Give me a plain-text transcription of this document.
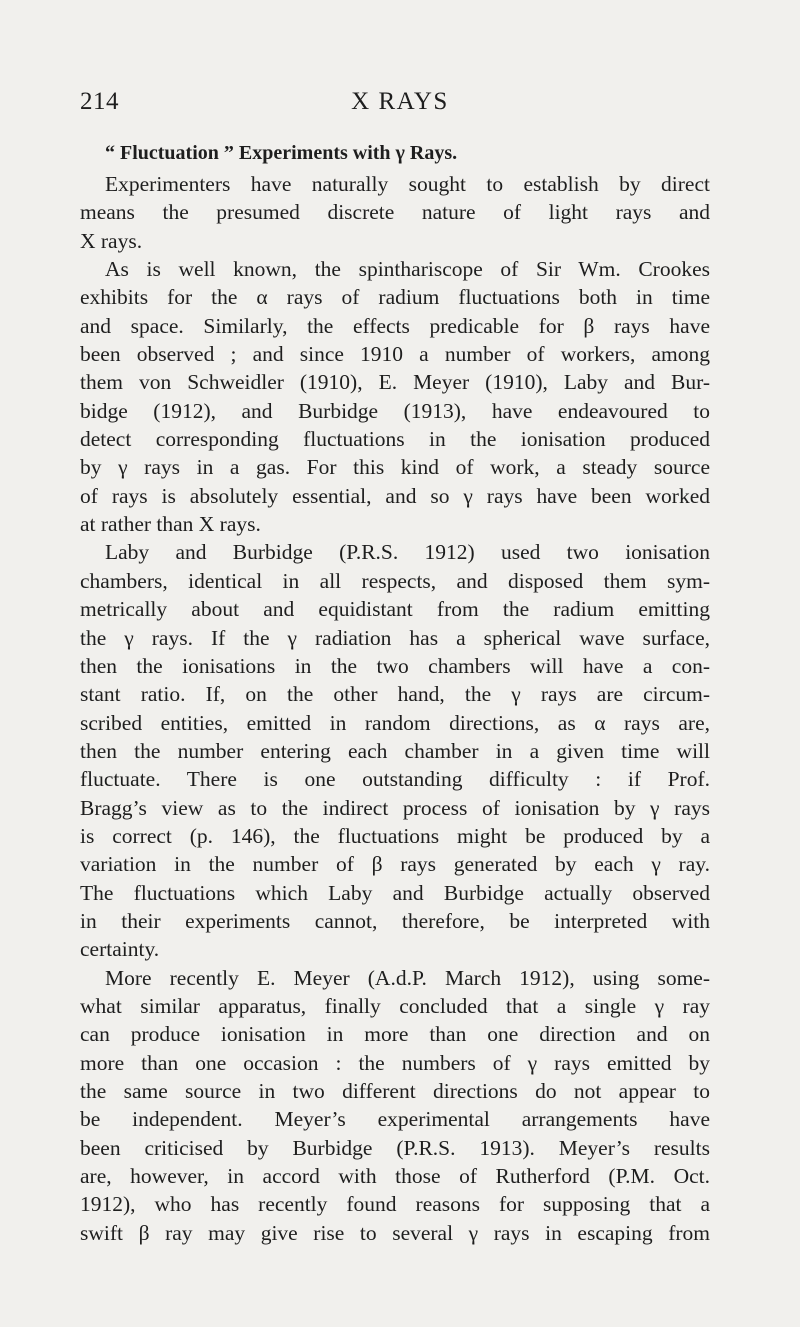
214	X RAYS
“ Fluctuation ” Experiments with γ Rays.
Experimenters have naturally sought to establish by direct
means the presumed discrete nature of light rays and
X rays.
As is well known, the spinthariscope of Sir Wm. Crookes
exhibits for the α rays of radium fluctuations both in time
and space. Similarly, the effects predicable for β rays have
been observed ; and since 1910 a number of workers, among
them von Schweidler (1910), E. Meyer (1910), Laby and Bur-
bidge (1912), and Burbidge (1913), have endeavoured to
detect corresponding fluctuations in the ionisation produced
by γ rays in a gas. For this kind of work, a steady source
of rays is absolutely essential, and so γ rays have been worked
at rather than X rays.
Laby and Burbidge (P.R.S. 1912) used two ionisation
chambers, identical in all respects, and disposed them sym-
metrically about and equidistant from the radium emitting
the γ rays. If the γ radiation has a spherical wave surface,
then the ionisations in the two chambers will have a con-
stant ratio. If, on the other hand, the γ rays are circum-
scribed entities, emitted in random directions, as α rays are,
then the number entering each chamber in a given time will
fluctuate. There is one outstanding difficulty : if Prof.
Bragg’s view as to the indirect process of ionisation by γ rays
is correct (p. 146), the fluctuations might be produced by a
variation in the number of β rays generated by each γ ray.
The fluctuations which Laby and Burbidge actually observed
in their experiments cannot, therefore, be interpreted with
certainty.
More recently E. Meyer (A.d.P. March 1912), using some-
what similar apparatus, finally concluded that a single γ ray
can produce ionisation in more than one direction and on
more than one occasion : the numbers of γ rays emitted by
the same source in two different directions do not appear to
be independent. Meyer’s experimental arrangements have
been criticised by Burbidge (P.R.S. 1913). Meyer’s results
are, however, in accord with those of Rutherford (P.M. Oct.
1912), who has recently found reasons for supposing that a
swift β ray may give rise to several γ rays in escaping from
